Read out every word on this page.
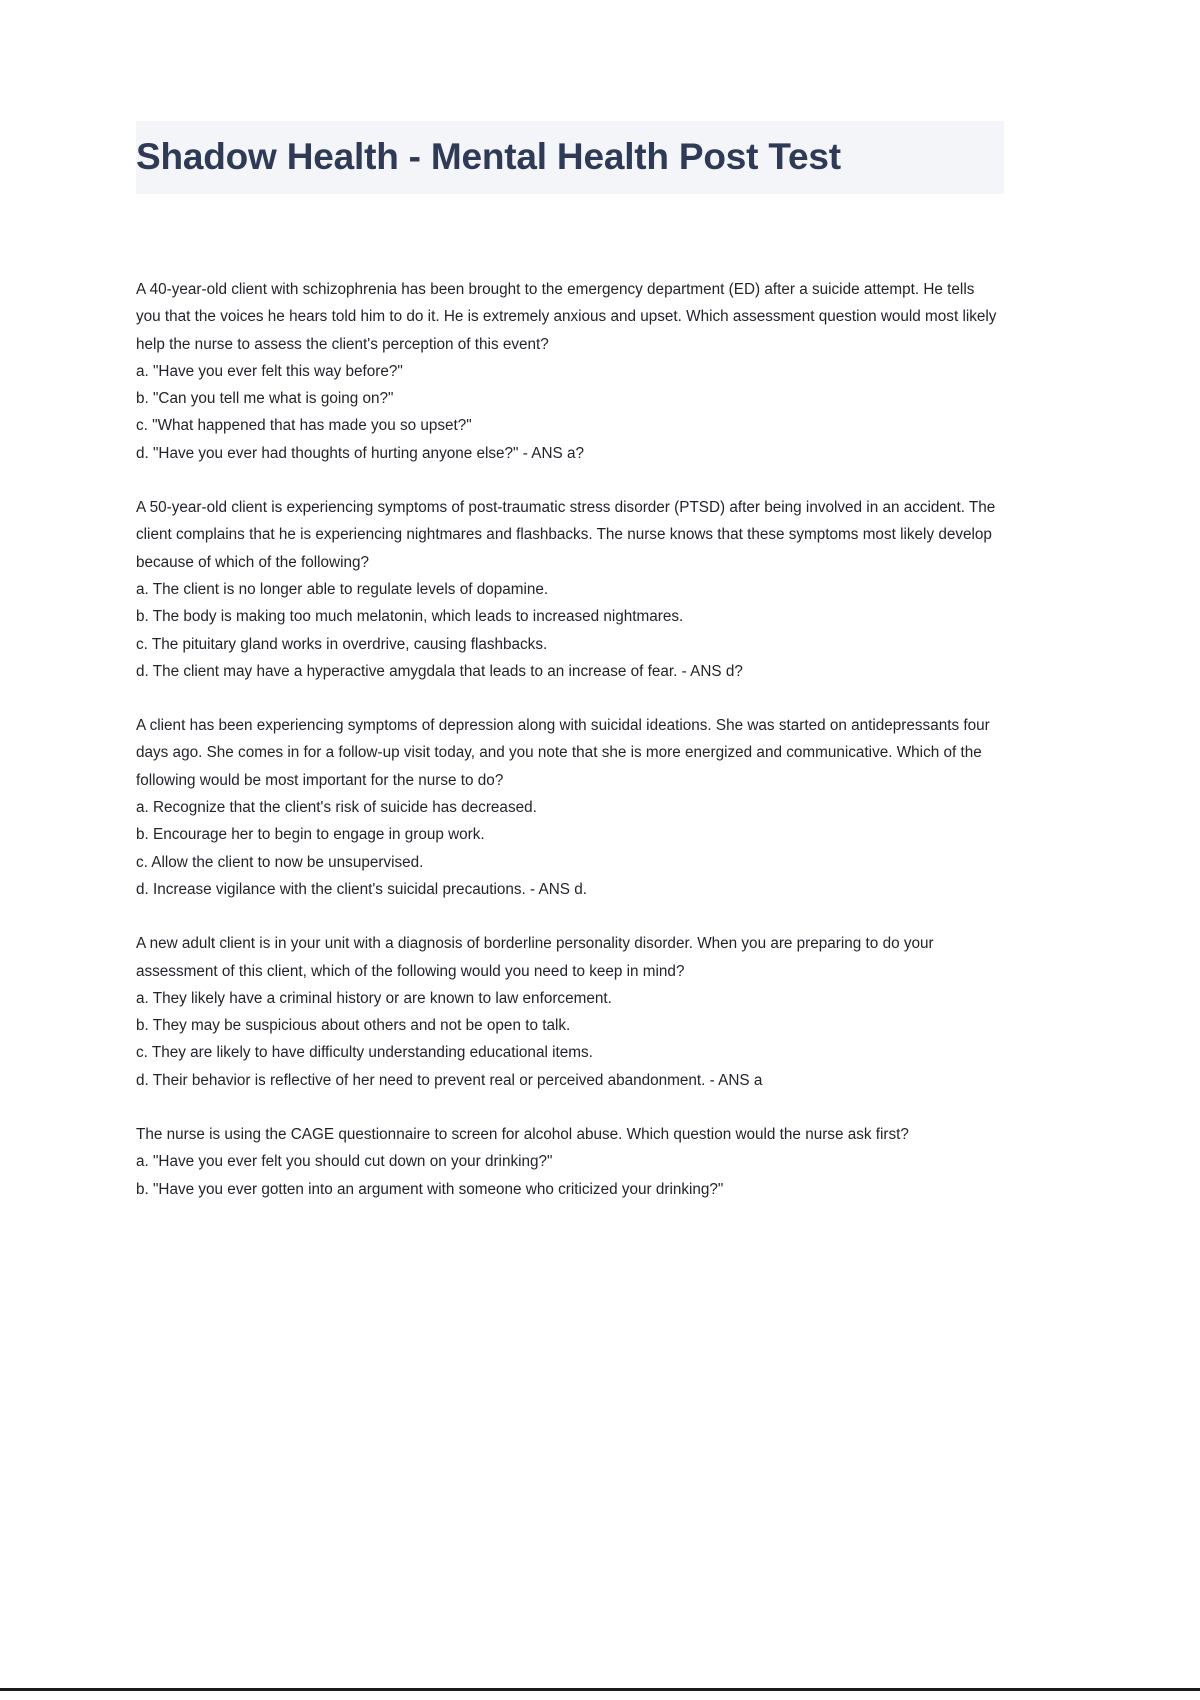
Shadow Health - Mental Health Post Test

A 40-year-old client with schizophrenia has been brought to the emergency department (ED) after a suicide attempt. He tells you that the voices he hears told him to do it. He is extremely anxious and upset. Which assessment question would most likely help the nurse to assess the client's perception of this event?

a. "Have you ever felt this way before?"

b. "Can you tell me what is going on?"

c. "What happened that has made you so upset?"

d. "Have you ever had thoughts of hurting anyone else?" - ANS a?

A 50-year-old client is experiencing symptoms of post-traumatic stress disorder (PTSD) after being involved in an accident. The client complains that he is experiencing nightmares and flashbacks. The nurse knows that these symptoms most likely develop because of which of the following?

a. The client is no longer able to regulate levels of dopamine.

b. The body is making too much melatonin, which leads to increased nightmares.

c. The pituitary gland works in overdrive, causing flashbacks.

d. The client may have a hyperactive amygdala that leads to an increase of fear. - ANS d?

A client has been experiencing symptoms of depression along with suicidal ideations. She was started on antidepressants four days ago. She comes in for a follow-up visit today, and you note that she is more energized and communicative. Which of the following would be most important for the nurse to do?

a. Recognize that the client's risk of suicide has decreased.

b. Encourage her to begin to engage in group work.

c. Allow the client to now be unsupervised.

d. Increase vigilance with the client's suicidal precautions. - ANS d.

A new adult client is in your unit with a diagnosis of borderline personality disorder. When you are preparing to do your assessment of this client, which of the following would you need to keep in mind?

a. They likely have a criminal history or are known to law enforcement.

b. They may be suspicious about others and not be open to talk.

c. They are likely to have difficulty understanding educational items.

d. Their behavior is reflective of her need to prevent real or perceived abandonment. - ANS a

The nurse is using the CAGE questionnaire to screen for alcohol abuse. Which question would the nurse ask first?

a. "Have you ever felt you should cut down on your drinking?"

b. "Have you ever gotten into an argument with someone who criticized your drinking?"
